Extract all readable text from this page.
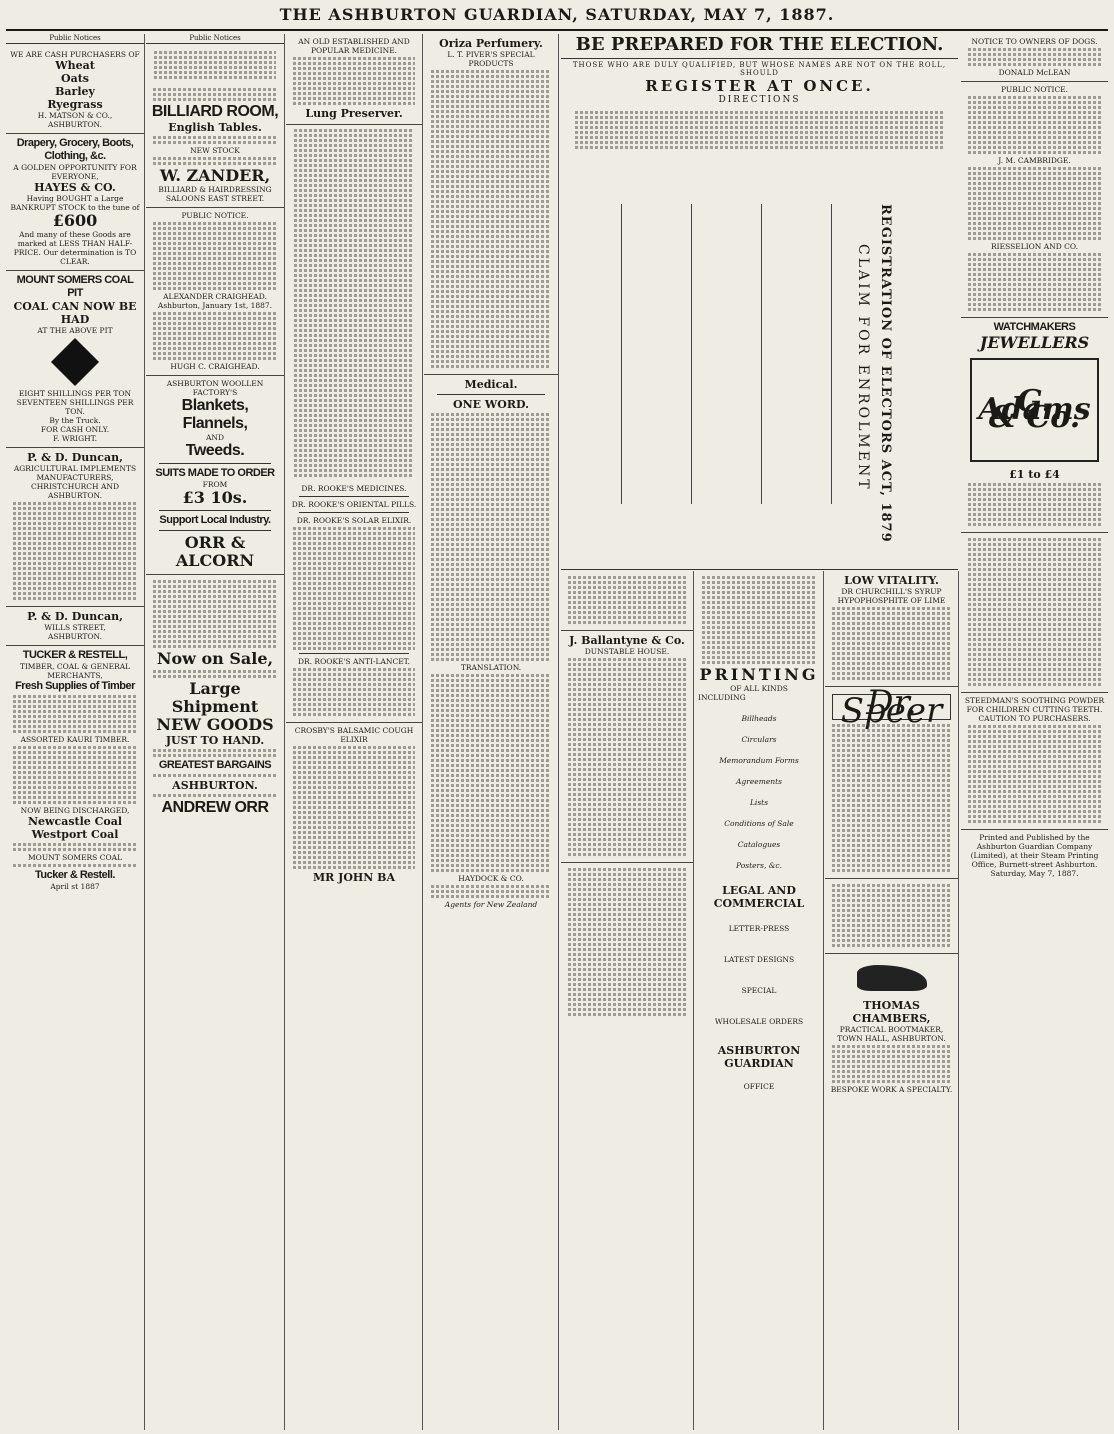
THE ASHBURTON GUARDIAN, SATURDAY, MAY 7, 1887.
Public Notices
WE ARE CASH PURCHASERS OF
Wheat
Oats
Barley
Ryegrass
H. MATSON & CO.,
ASHBURTON.
Drapery, Grocery, Boots,
Clothing, &c.
A GOLDEN OPPORTUNITY FOR EVERYONE,
HAYES & CO.
Having BOUGHT a Large BANKRUPT STOCK to the tune of
£600
And many of these Goods are marked at LESS THAN HALF-PRICE. Our determination is TO CLEAR.
MOUNT SOMERS COAL PIT
COAL CAN NOW BE HAD
AT THE ABOVE PIT
EIGHT SHILLINGS PER TON
SEVENTEEN SHILLINGS PER TON.
By the Truck.
FOR CASH ONLY.
F. WRIGHT.
P. & D. Duncan,
AGRICULTURAL IMPLEMENTS MANUFACTURERS,
CHRISTCHURCH AND ASHBURTON.
P. & D. Duncan,
WILLS STREET,
ASHBURTON.
TUCKER & RESTELL,
TIMBER, COAL & GENERAL MERCHANTS,
Fresh Supplies of Timber
ASSORTED KAURI TIMBER.
NOW BEING DISCHARGED,
Newcastle Coal
Westport Coal
MOUNT SOMERS COAL
Tucker & Restell.
April st 1887
Public Notices
BILLIARD ROOM,
English Tables.
NEW STOCK
W. ZANDER,
BILLIARD & HAIRDRESSING SALOONS EAST STREET.
PUBLIC NOTICE.
ALEXANDER CRAIGHEAD.
Ashburton, January 1st, 1887.
HUGH C. CRAIGHEAD.
ASHBURTON WOOLLEN FACTORY'S
Blankets, Flannels,
AND
Tweeds.
SUITS MADE TO ORDER
FROM
£3 10s.
Support Local Industry.
ORR & ALCORN
Now on Sale,
Large Shipment
NEW GOODS
JUST TO HAND.
GREATEST BARGAINS
ASHBURTON.
ANDREW ORR
AN OLD ESTABLISHED AND POPULAR MEDICINE.
Lung Preserver.
DR. ROOKE'S MEDICINES.
DR. ROOKE'S ORIENTAL PILLS.
DR. ROOKE'S SOLAR ELIXIR.
DR. ROOKE'S ANTI-LANCET.
CROSBY'S BALSAMIC COUGH ELIXIR
MR JOHN BA
Oriza Perfumery.
L. T. PIVER'S SPECIAL PRODUCTS
Medical.
ONE WORD.
TRANSLATION.
HAYDOCK & CO.
Agents for New Zealand
BE PREPARED FOR THE ELECTION.
THOSE WHO ARE DULY QUALIFIED, BUT WHOSE NAMES ARE NOT ON THE ROLL, SHOULD
REGISTER AT ONCE.
DIRECTIONS
REGISTRATION OF ELECTORS ACT, 1879
CLAIM FOR ENROLMENT
J. Ballantyne & Co.
DUNSTABLE HOUSE.
PRINTING
OF ALL KINDS
INCLUDING
Billheads
Circulars
Memorandum Forms
Agreements
Lists
Conditions of Sale
Catalogues
Posters, &c.
LEGAL AND COMMERCIAL
LETTER-PRESS
LATEST DESIGNS
SPECIAL
WHOLESALE ORDERS
ASHBURTON GUARDIAN
OFFICE
LOW VITALITY.
DR CHURCHILL'S SYRUP
HYPOPHOSPHITE OF LIME
Dr. Speer
THOMAS CHAMBERS,
PRACTICAL BOOTMAKER,
TOWN HALL, ASHBURTON.
BESPOKE WORK A SPECIALTY.
NOTICE TO OWNERS OF DOGS.
DONALD McLEAN
PUBLIC NOTICE.
J. M. CAMBRIDGE.
RIESSELION AND CO.
WATCHMAKERS
JEWELLERS
G. Adams & Co.
£1 to £4
STEEDMAN'S SOOTHING POWDER
FOR CHILDREN CUTTING TEETH.
CAUTION TO PURCHASERS.
Printed and Published by the Ashburton Guardian Company (Limited), at their Steam Printing Office, Burnett-street Ashburton.
Saturday, May 7, 1887.
